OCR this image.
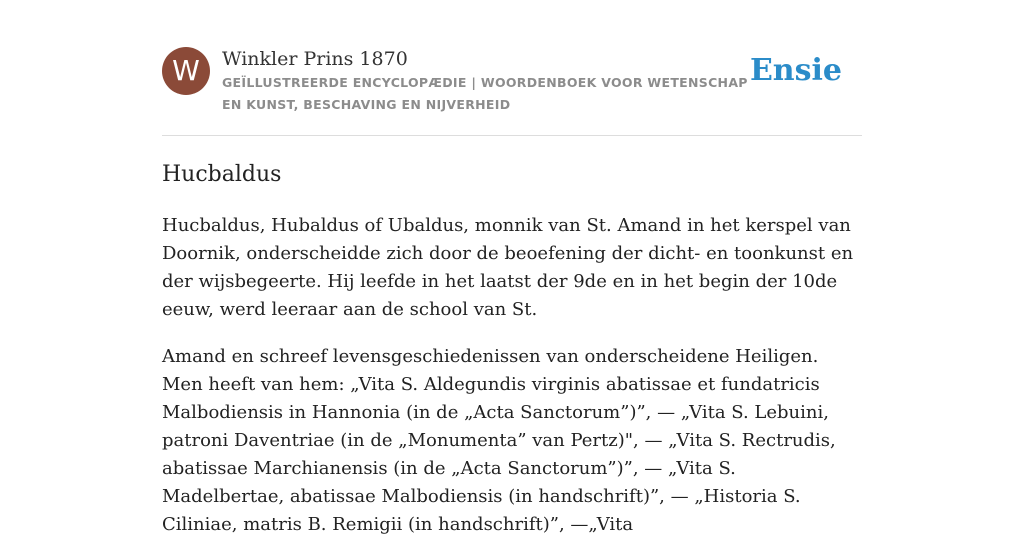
W	Winkler Prins 1870
GEÏLLUSTREERDE ENCYCLOPÆDIE | WOORDENBOEK VOOR WETENSCHAP EN KUNST, BESCHAVING EN NIJVERHEID
Ensie
Hucbaldus

Hucbaldus, Hubaldus of Ubaldus, monnik van St. Amand in het kerspel van Doornik, onderscheidde zich door de beoefening der dicht- en toonkunst en der wijsbegeerte. Hij leefde in het laatst der 9de en in het begin der 10de eeuw, werd leeraar aan de school van St.

Amand en schreef levensgeschiedenissen van onderscheidene Heiligen. Men heeft van hem: „Vita S. Aldegundis virginis abatissae et fundatricis Malbodiensis in Hannonia (in de „Acta Sanctorum”)”, — „Vita S. Lebuini, patroni Daventriae (in de „Monumenta” van Pertz)", — „Vita S. Rectrudis, abatissae Marchianensis (in de „Acta Sanctorum”)”, — „Vita S. Madelbertae, abatissae Malbodiensis (in handschrift)”, — „Historia S. Ciliniae, matris B. Remigii (in handschrift)”, —„Vita
